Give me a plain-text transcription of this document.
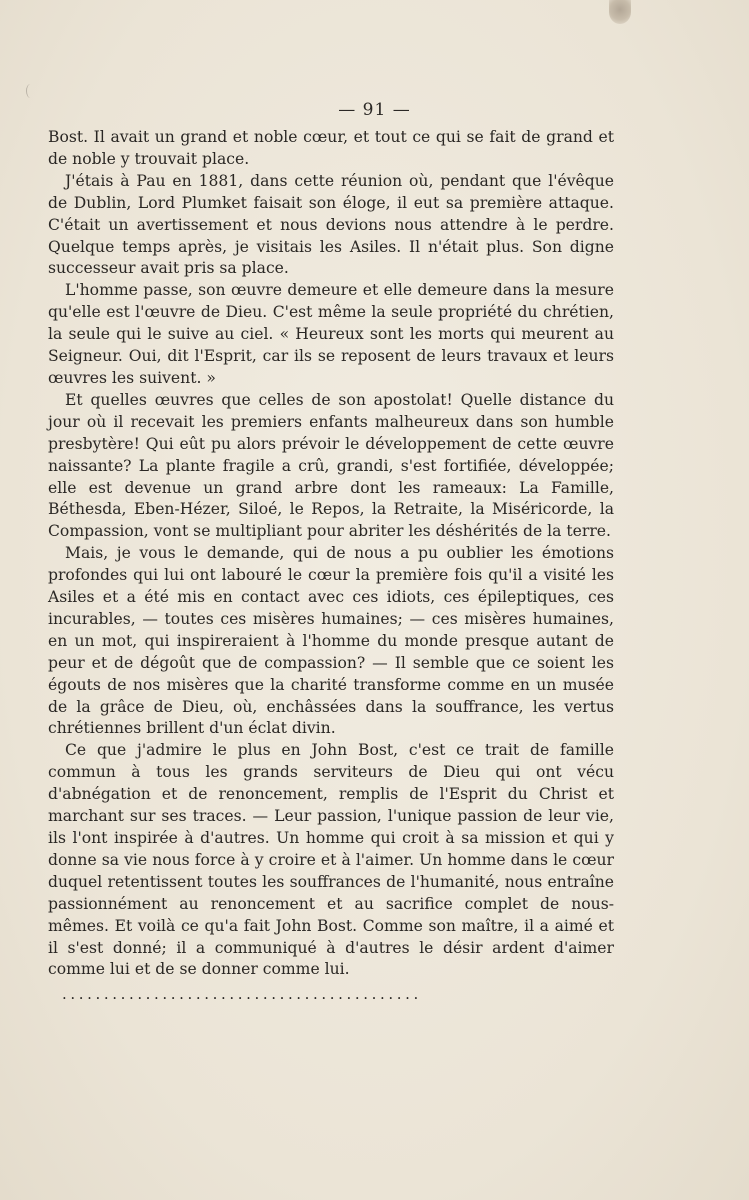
— 91 —

Bost. Il avait un grand et noble cœur, et tout ce qui se fait de grand et de noble y trouvait place.

J'étais à Pau en 1881, dans cette réunion où, pendant que l'évêque de Dublin, Lord Plumket faisait son éloge, il eut sa première attaque. C'était un avertissement et nous devions nous attendre à le perdre. Quelque temps après, je visitais les Asiles. Il n'était plus. Son digne successeur avait pris sa place.

L'homme passe, son œuvre demeure et elle demeure dans la mesure qu'elle est l'œuvre de Dieu. C'est même la seule propriété du chrétien, la seule qui le suive au ciel. « Heureux sont les morts qui meurent au Seigneur. Oui, dit l'Esprit, car ils se reposent de leurs travaux et leurs œuvres les suivent. »

Et quelles œuvres que celles de son apostolat! Quelle distance du jour où il recevait les premiers enfants malheureux dans son humble presbytère! Qui eût pu alors prévoir le développement de cette œuvre naissante? La plante fragile a crû, grandi, s'est fortifiée, développée; elle est devenue un grand arbre dont les rameaux: La Famille, Béthesda, Eben-Hézer, Siloé, le Repos, la Retraite, la Miséricorde, la Compassion, vont se multipliant pour abriter les déshérités de la terre.

Mais, je vous le demande, qui de nous a pu oublier les émotions profondes qui lui ont labouré le cœur la première fois qu'il a visité les Asiles et a été mis en contact avec ces idiots, ces épileptiques, ces incurables, — toutes ces misères humaines; — ces misères humaines, en un mot, qui inspireraient à l'homme du monde presque autant de peur et de dégoût que de compassion? — Il semble que ce soient les égouts de nos misères que la charité transforme comme en un musée de la grâce de Dieu, où, enchâssées dans la souffrance, les vertus chrétiennes brillent d'un éclat divin.

Ce que j'admire le plus en John Bost, c'est ce trait de famille commun à tous les grands serviteurs de Dieu qui ont vécu d'abnégation et de renoncement, remplis de l'Esprit du Christ et marchant sur ses traces. — Leur passion, l'unique passion de leur vie, ils l'ont inspirée à d'autres. Un homme qui croit à sa mission et qui y donne sa vie nous force à y croire et à l'aimer. Un homme dans le cœur duquel retentissent toutes les souffrances de l'humanité, nous entraîne passionnément au renoncement et au sacrifice complet de nous-mêmes. Et voilà ce qu'a fait John Bost. Comme son maître, il a aimé et il s'est donné; il a communiqué à d'autres le désir ardent d'aimer comme lui et de se donner comme lui.

...........................................
